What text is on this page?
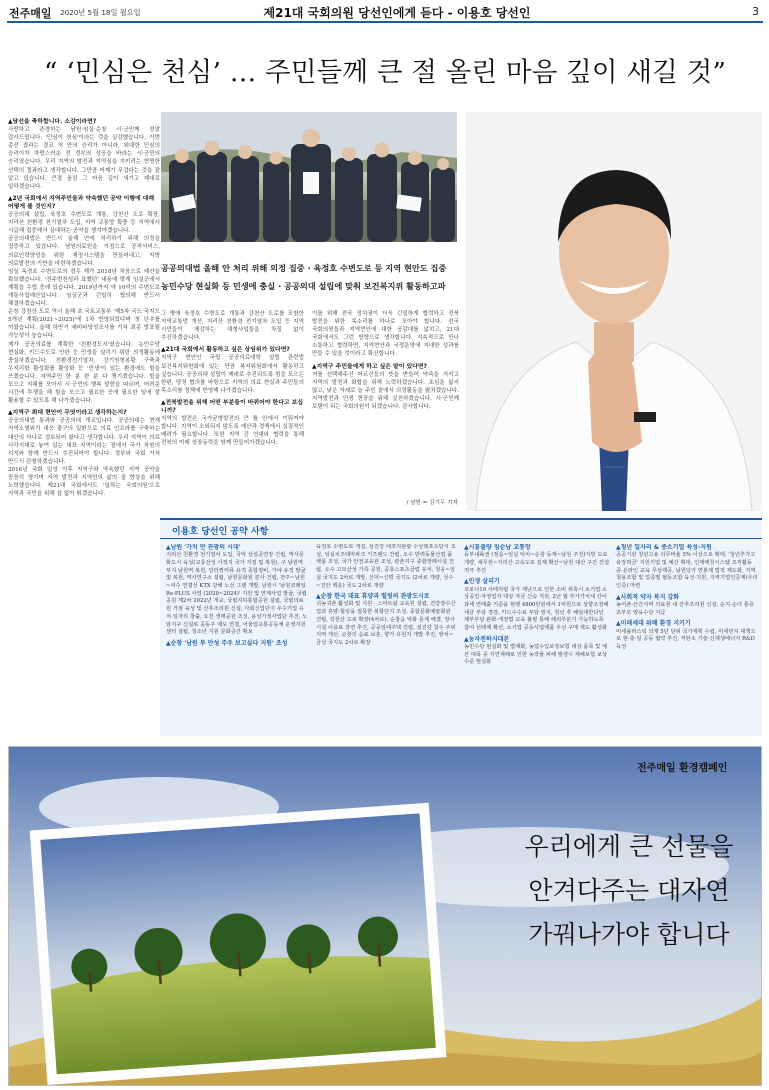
전주매일 2020년 5월 18일 월요일	제21대 국회의원 당선인에게 듣다 - 이용호 당선인	3
“ ‘민심은 천심’ … 주민들께 큰 절 올린 마음 깊이 새길 것”
▲당선을 축하합니다. 소감이라면?
사랑하고 존경하는 남원·임실·순창 시·군민께 정말 감사드립니다. '민심이 천심'이라는 것을 실감했습니다. 이번 총선 결과는 결코 저 만의 승리가 아니라, 위대한 민심의 승리이자 자랑스러운 전 정부의 성공을 바라는 시·군민의 승리였습니다. 우리 지역의 발전과 지역심을 지키려는 현명한 선택의 결과라고 생각합니다. 그만큼 어깨가 무겁다는 것을 잘 알고 있습니다. 큰절 올린 그 마음 깊이 새기고 제대로 일하겠습니다.
▲2년 국회에서 지역주민들과 약속했던 공약 이행에 대해 어떻게 볼 것인지?
공공의대 설립, 육정호 수변도로 개통, 강천산 도로 확장, 지리산 친환경 전기열차 도입, 지역 교통망 확충 등 지역에서 시급해 집중해서 실대하는 공약을 챙겨야겠습니다.
공공의대법은 반드시 올해 안에 처리하기 위해 의정을 집중하고 있습니다. 남원의료원을 거점으로 공적서비스, 의료인력양성을 위한 재정시스템을 만들어내고, 지방 의료발전의 기반을 마련하겠습니다.
임실 옥정호 수변도로의 경우 제가 2018년 처음으로 예산을 확보했습니다. '전주번찬성과 표했던' 내용에 맞게 임실군에서 계획을 수립 중에 있습니다. 2019년까지 약 10억의 수변도로 개통사업예산입니다. 임실군과 긴밀히 협의해 반드시 해결하겠습니다.
순창 강천산 도로 역시 올해 초 국토교통부 '제5차 국도·국지도 5개년 계획(2021~2025)'에 1차 반영되었다며 첫 단추를 끼웠습니다. 올해 하반기 예비타당성조사를 거쳐 최종 발표될 가능성이 높습니다.
제가 공공의료를 계획한 '친환경도시'였습니다. 농민수당 현실화, 키드수도로 인한 등 민생을 살리기 위한 의정활동에 충실하겠습니다. 친환경전기열차, 강기원형봉황 구축과 우지리항 활성화를 활성화 등 '민생'이 있는 환경에도 힘을 쓰겠습니다. 지역주민 한 분 한 분 다 챙기겠습니다. 힘을 모으고 지혜를 모아서 시·군민의 행복 말씀을 따르며, 어려운 시간에 투쟁을 해 힘을 모으고 필요한 곳에 필요한 일에 잘 활용할 수 있도록 해 나가겠습니다.
▲지역구 최대 현안이 무엇이라고 생각하는지?
공공의대법 통과와 공공의대 개교입니다. 공공의대는 현재 지역소멸위기 대응 출구의 일환으로 의료 인프라를 구축하는 대안의 하나로 검토되어 왔다고 생각합니다. 우리 지역이 의료 사각지대로 놓여 있는 대표 지역이라는 점에서 국가 차원의 의지와 함께 반드시 추진되어야 합니다. 정부와 국회 거쳐 반드시 관철하겠습니다.
2016년 국회 입성 이후 지역구와 약속했던 지역 공약을 꼼꼼히 챙기며 지역 발전과 지역민의 삶의 질 향상을 위해 노력했습니다. 제21대 국회에서도 '일하는 국회의원'으로 지역과 국민을 위해 쉼 없이 뛰겠습니다.
공공의대법 올해 안 처리 위해 의정 집중 · 육정호 수변도로 등 지역 현안도 집중
농민수당 현실화 등 민생에 충실 · 공공의대 설립에 맞춰 보건복지위 활동하고파
그 밖에 육정호 수변도로 개통과 강천산 도로를 포함한 지역교통망 개선, 지리산 친환경 전기열차 도입 등 지역 시민들이 체감하는 대형사업들을 차질 없이 추진하겠습니다.
▲21대 국회에서 활동하고 싶은 상임위가 있다면?
지역구 현안인 국립 공공의료대학 설립 관련법 보건복지위원회에 있는 만큼 복지위원회에서 활동하고 싶습니다. 공공의대 설립이 제대로 추진되도록 힘을 모으는 한편, 당정 협의를 바탕으로 지역의 의료 현실과 주민들의 목소리를 정책에 반영해 나가겠습니다.
▲전북발전을 위해 어떤 부분들이 바뀌어야 한다고 보십니까?
지역의 발전은 국가균형발전의 큰 틀 안에서 이뤄져야 합니다. 지역이 소외되지 않도록 예산과 정책에서 실질적인 배려가 필요합니다. 또한 지역 간 연대와 협력을 통해 전북의 미래 성장동력을 함께 만들어가겠습니다.
이를 위해 전국 정치권이 더욱 긴밀하게 협력하고 전북 발전을 위한 목소리를 하나로 모아야 합니다. 전국 국회의원들과 지역현안에 대한 공감대를 넓히고, 21대 국회에서도 그런 방향으로 생각합니다. 지속적으로 만나 소통하고 협력하면, 지역현안과 국정운영에 지대한 성과를 만들 수 있을 것이라고 확신합니다.
▲지역구 주민들에게 하고 싶은 말이 있다면?
저를 선택해주신 어르신들의 뜻을 받들어 약속을 지키고 지역의 발전과 화합을 위해 노력하겠습니다. 초심을 잃지 않고, 낮은 자세로 늘 주민 곁에서 의정활동을 펼치겠습니다. 지역발전과 민생 현장을 위해 실천하겠습니다. 시·군민께 보탬이 되는 국회의원이 되겠습니다. 감사합니다.
/ 남원 = 김기두 기자
이용호 당선인 공약 사항
▲남원 '가치 만 관광의 시대'
지리산 친환경 전기열차 도입, 국악 상설공연장 건립, 역사문화도시 육성(교룡산성 사적지 국가 지정 및 복원), 구 남원역 부지 남원역 복원, 인터퀵커뮤 유적 종합정비, 가야 유적 발굴 및 복원, 역사연구소 설립, 남원문화원 분사 건립, 전주~남원~여수 연결선 KTX 강해 노선 그랜 개발, 남원시 '남원코레일 Re-PLUS 사업 (2020~2024)' 지원 및 연계사업 발굴, 국립공원 제2차 2022년 개교, 국립지하통합공원 설립, 국립의료원 거점 육성 및 산후조리원 신설, 사회신업단지 우수기업 유치·일자리 창출, 요천 생태공원 조성, 용성가정사업단 추진, 노암지구 신설로 공동주 제도 연결, 어울림교통공동체 운영지원센터 설립, 청소년 지원 문화공간 확보
▲순창 '남원 투 안성 주우 보고싶다 지원' 조성
육정호 수변도로 개설, 섬진강 에코지관광 수상레포츠단지 조성, 임실치즈테마파크 키즈랜드 건립, 오수 반려동물산업 플랫폼 조성, 국가 안전교육원 조성, 관촌지구 종합장례시설 건립, 오수 고모산성 가족 공원, 공룡스포츠클럽 유치, 청웅~임실 국지도 2차로 개발, 신덕~신평 국지도 (2차로 개량, 성수~진안 백운) 국도 2차로 개량
▲순창 한국 대표 휴양과 힐링의 관광도시로
귀농귀촌 활성화 및 지원 · 스마트팜 교육원 설립, 건강장수산업과 휴양·힐링을 접목한 복합단지 조성, 종합문화예술회관 건립, 강천산 도로 확장(4차로), 순창읍 악화 문제 해결, 장사시설 이용료 감면 추진, 공공임대주택 건립, 섬진강 참수 주위 지역 개선, 순창의 음료 보훈, 향가 유원지 개발 추진, 쌍치~금성 국지도 2차로 확장
▲시흥불량 임순남 교통망
동부내륙권 (정읍~임실 덕치~순창 동계~남원 주천)지방 도로 개량, 세무원~지리산 고속도로 김제 확산~남원 대산 구간 건설 적극 추진
▲민생 살리기
코로나19 사태처럼 국가 재난으로 인한 소비 위축시 소기업·소상공인·자영업자 대상 자금 신속 지원, 2년 월 부가가치세 간이과세 연매출 기준을 현행 4800만원에서 1억원으로 상향조정해 세금 부담 경감, 카드수수료 부담 방지, 청년 추 해임대한다던 제부부담 완화·개정법 교육 불필 통해 해외부분기 가능하도록 참여 선택제 확산, 소기업 공동사업제품 우선 구매 제도 활성화
▲농자천하지대본
농민수당 현실화 및 법제화, 농업수입보장보험 대상 품목 및 예산 대폭 증 지연재해로 인한 농작물 피해 발생시 재해보험 보상 수준 현실화
▲청년 일자리 & 중소기업 육성·지원
공공기관 청년고용 의무비율 5% 이상으로 확대, '청년추가고용장려금' 지원기업 및 예산 확대, 인재매칭시스템 조직활동 중 온라인 교육 무상제공, 남원당가 연봉제 법적 제도화, 지역청용조합 및 업종별 협동조합 육성·지원, 지역기업인증제(우리인증) 마련
▲사회적 약자 복지 강화
농어촌·산간지역 의료원 내 산후조리원 신설, 순지·순녀 통증 조부모 양육수당 지급
▲미래세대 위해 환경 지키기
미세플라스틱 의제 5년 단위 국가계획 수립, 미세먼지 대책으로 현·충·일 공동 협약 추진, 저탄소 기술·신재생에너지 R&D 육성
전주매일 환경캠페인
우리에게 큰 선물을
안겨다주는 대자연
가꿔나가야 합니다
